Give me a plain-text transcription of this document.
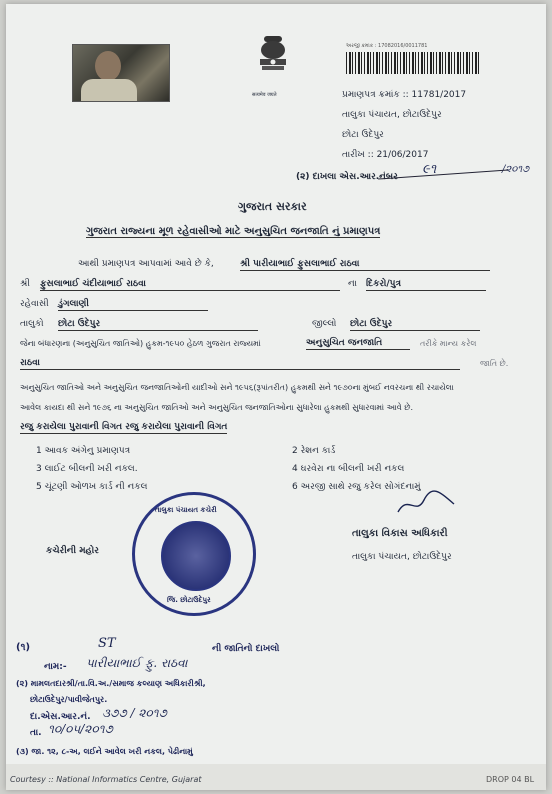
सत्यमेव जयते
અરજી ક્રમાંક : 17082016/0011781
પ્રમાણપત્ર ક્રમાંક :: 11781/2017
તાલુકા પંચાયત, છોટાઉદેપુર
છોટા ઉદેપુર
તારીખ :: 21/06/2017
(૨) દાખલા એસ.આર.નંબર ૯૧	/૨૦૧૭
ગુજરાત સરકાર
ગુજરાત રાજ્યના મૂળ રહેવાસીઓ માટે અનુસુચિત જનજાતિ નું પ્રમાણપત્ર
આથી પ્રમાણપત્ર આપવામાં આવે છે કે,	શ્રી પારીયાભાઈ ફુસલાભાઈ રાઠવા
શ્રી ફુસલાભાઈ ચંદીયાભાઈ રાઠવા	ના દિકરો/પુત્ર
રહેવાસી ડુંગલાણી
તાલુકો છોટા ઉદેપુર	જીલ્લો છોટા ઉદેપુર
જેના બંધારણના (અનુસુચિત જાતિઓ) હુકમ-૧૯૫૦ હેઠળ ગુજરાત રાજ્યમાં	અનુસુચિત જનજાતિ	તરીકે માન્ય કરેલ
રાઠવા	જાતિ છે.
અનુસુચિત જાતિઓ અને અનુસુચિત જનજાતિઓની યાદીઓ સને ૧૯૫૬(રૂપાંતરીત) હુકમથી સને ૧૯૭૦ના મુંબઈ નવરચના થી રચાયેલા
આવેલ કાયદા થી સને ૧૯૭૬ ના અનુસુચિત જાતિઓ અને અનુસુચિત જનજાતિઓના સુધારેલા હુકમથી સુધારવામાં આવે છે.
રજુ કરાયેલા પુરાવાની વિગત રજુ કરાયેલા પુરાવાની વિગત
1 આવક અંગેનુ પ્રમાણપત્ર	2 રેશન કાર્ડ
3 લાઈટ બીલની ખરી નકલ.	4 ઘરવેરા ના બીલની ખરી નકલ
5 ચૂંટણી ઓળખ કાર્ડ ની નકલ	6 અરજી સાથે રજુ કરેલ સોગંદનામું
તાલુકા પંચાયત કચેરી
જિ. છોટાઉદેપુર
કચેરીની મહોર
તાલુકા વિકાસ અધિકારી
તાલુકા પંચાયત, છોટાઉદેપુર
(૧)	ST	ની જાતિનો દાખલો
નામ:- પારીયાભાઈ ફુ. રાઠવા
(૨) મામલતદારશ્રી/તા.વિ.અ./સમાજ કલ્યાણ અધિકારીશ્રી,
છોટાઉદેપુર/પાવીજેતપુર.
દા.એસ.આર.નં. ૩૭૭ / ૨૦૧૭
તા. ૧૦/૦૫/૨૦૧૭
(૩) જા. ૧૨, ૮-અ, લઈને આવેલ ખરી નકલ, પેઢીનામું
Courtesy :: National Informatics Centre, Gujarat	DROP 04 BL
